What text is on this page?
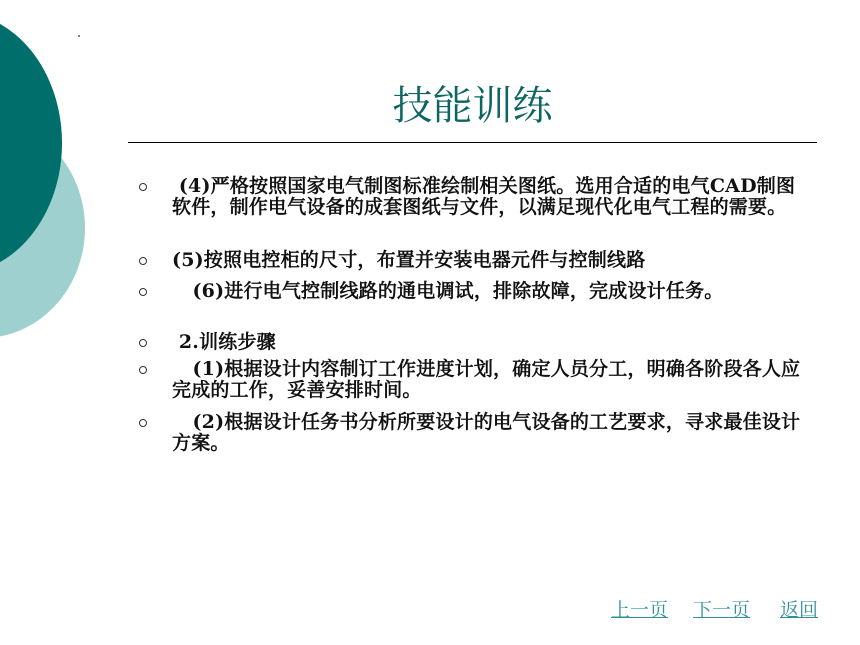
技能训练
(4)严格按照国家电气制图标准绘制相关图纸。选用合适的电气CAD制图软件，制作电气设备的成套图纸与文件，以满足现代化电气工程的需要。
(5)按照电控柜的尺寸，布置并安装电器元件与控制线路
(6)进行电气控制线路的通电调试，排除故障，完成设计任务。
2.训练步骤
(1)根据设计内容制订工作进度计划，确定人员分工，明确各阶段各人应完成的工作，妥善安排时间。
(2)根据设计任务书分析所要设计的电气设备的工艺要求，寻求最佳设计方案。
上一页 下一页 返回
